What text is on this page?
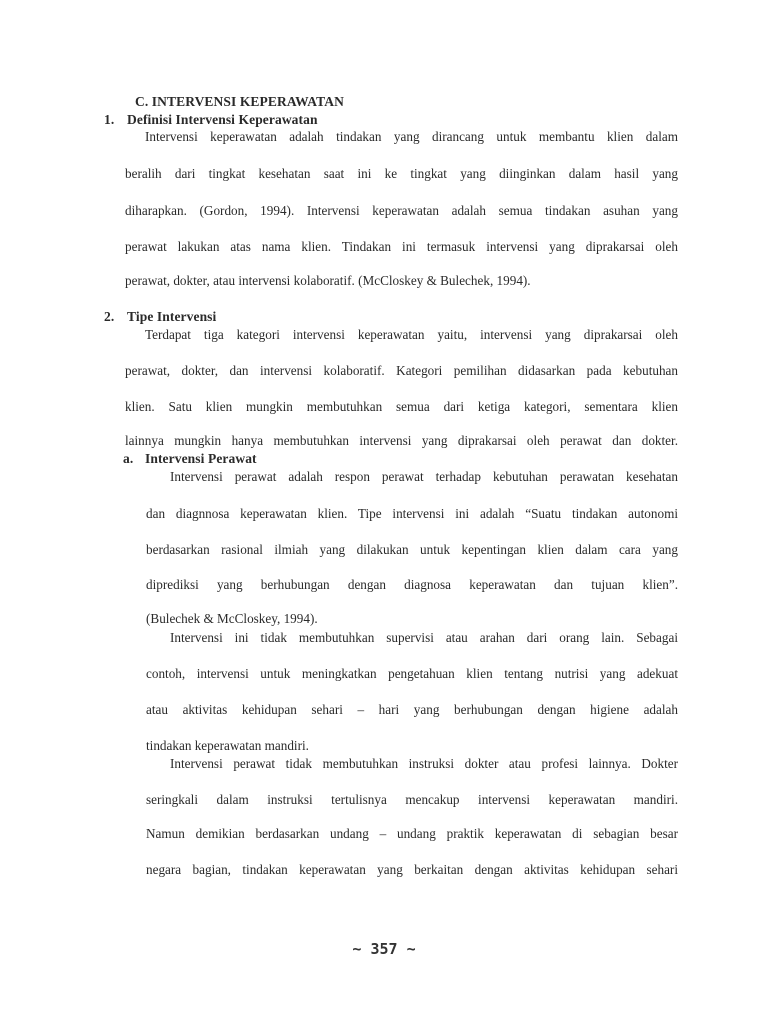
C. INTERVENSI KEPERAWATAN
1. Definisi Intervensi Keperawatan
Intervensi keperawatan adalah tindakan yang dirancang untuk membantu klien dalam
beralih dari tingkat kesehatan saat ini ke tingkat yang diinginkan dalam hasil yang
diharapkan. (Gordon, 1994). Intervensi keperawatan adalah semua tindakan asuhan yang
perawat lakukan atas nama klien. Tindakan ini termasuk intervensi yang diprakarsai oleh
perawat, dokter, atau intervensi kolaboratif. (McCloskey & Bulechek, 1994).
2. Tipe Intervensi
Terdapat tiga kategori intervensi keperawatan yaitu, intervensi yang diprakarsai oleh
perawat, dokter, dan intervensi kolaboratif. Kategori pemilihan didasarkan pada kebutuhan
klien. Satu klien mungkin membutuhkan semua dari ketiga kategori, sementara klien
lainnya mungkin hanya membutuhkan intervensi yang diprakarsai oleh perawat dan dokter.
a. Intervensi Perawat
Intervensi perawat adalah respon perawat terhadap kebutuhan perawatan kesehatan
dan diagnnosa keperawatan klien. Tipe intervensi ini adalah “Suatu tindakan autonomi
berdasarkan rasional ilmiah yang dilakukan untuk kepentingan klien dalam cara yang
diprediksi yang berhubungan dengan diagnosa keperawatan dan tujuan klien”.
(Bulechek & McCloskey, 1994).
Intervensi ini tidak membutuhkan supervisi atau arahan dari orang lain. Sebagai
contoh, intervensi untuk meningkatkan pengetahuan klien tentang nutrisi yang adekuat
atau aktivitas kehidupan sehari – hari yang berhubungan dengan higiene adalah
tindakan keperawatan mandiri.
Intervensi perawat tidak membutuhkan instruksi dokter atau profesi lainnya. Dokter
seringkali dalam instruksi tertulisnya mencakup intervensi keperawatan mandiri.
Namun demikian berdasarkan undang – undang praktik keperawatan di sebagian besar
negara bagian, tindakan keperawatan yang berkaitan dengan aktivitas kehidupan sehari
~ 357 ~
